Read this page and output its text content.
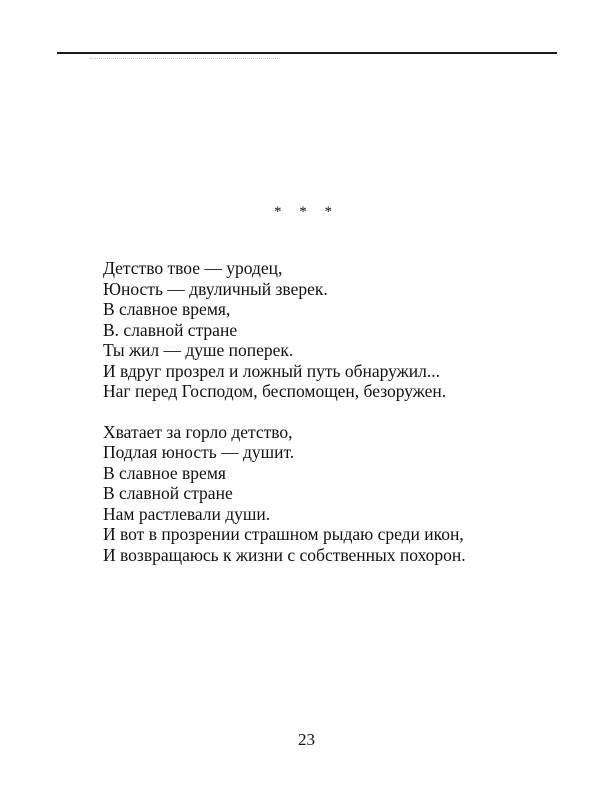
* * *
Детство твое — уродец,
Юность — двуличный зверек.
В славное время,
В. славной стране
Ты жил — душе поперек.
И вдруг прозрел и ложный путь обнаружил...
Наг перед Господом, беспомощен, безоружен.
Хватает за горло детство,
Подлая юность — душит.
В славное время
В славной стране
Нам растлевали души.
И вот в прозрении страшном рыдаю среди икон,
И возвращаюсь к жизни с собственных похорон.
23
